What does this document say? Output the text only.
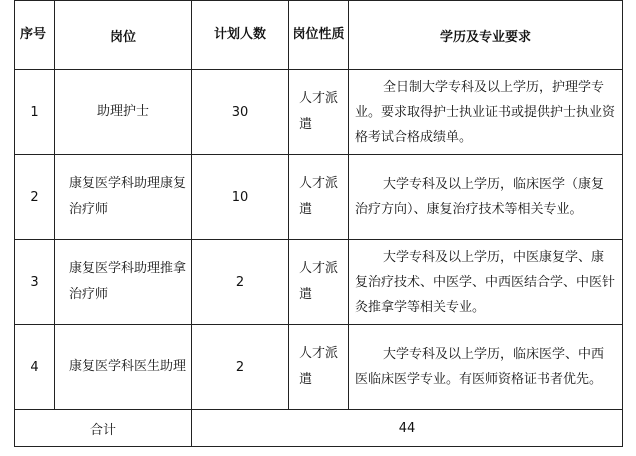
序号	岗位	计划人数	岗位性质	学历及专业要求
1	助理护士	30	人才派遣	全日制大学专科及以上学历，护理学专业。要求取得护士执业证书或提供护士执业资格考试合格成绩单。
2	康复医学科助理康复治疗师	10	人才派遣	大学专科及以上学历，临床医学（康复治疗方向）、康复治疗技术等相关专业。
3	康复医学科助理推拿治疗师	2	人才派遣	大学专科及以上学历，中医康复学、康复治疗技术、中医学、中西医结合学、中医针灸推拿学等相关专业。
4	康复医学科医生助理	2	人才派遣	大学专科及以上学历，临床医学、中西医临床医学专业。有医师资格证书者优先。
合计		44		
